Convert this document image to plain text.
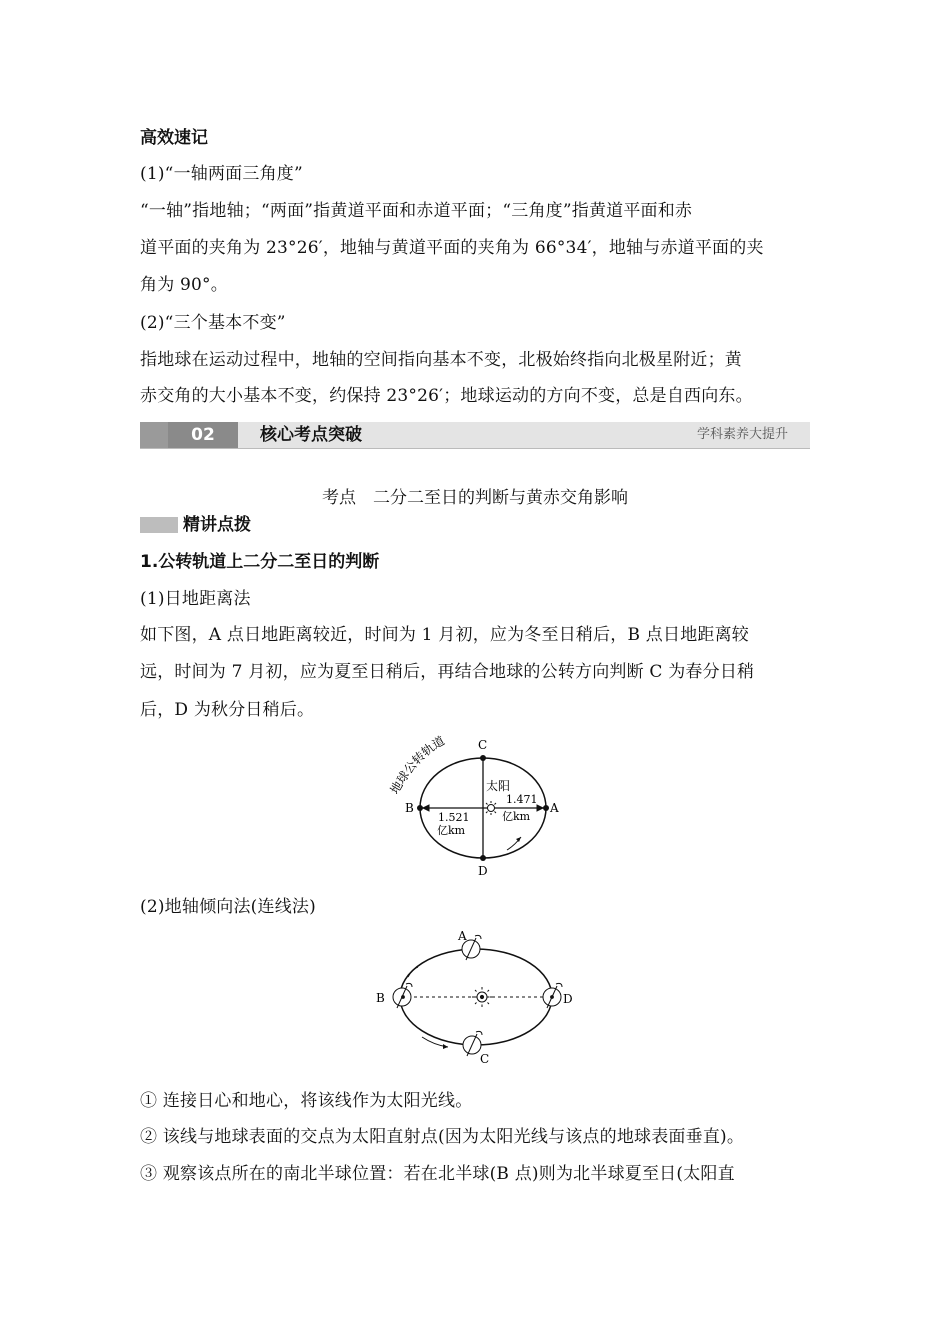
高效速记
(1)“一轴两面三角度”
“一轴”指地轴；“两面”指黄道平面和赤道平面；“三角度”指黄道平面和赤
道平面的夹角为 23°26′，地轴与黄道平面的夹角为 66°34′，地轴与赤道平面的夹
角为 90°。
(2)“三个基本不变”
指地球在运动过程中，地轴的空间指向基本不变，北极始终指向北极星附近；黄
赤交角的大小基本不变，约保持 23°26′；地球运动的方向不变，总是自西向东。
02	核心考点突破	学科素养大提升
考点　二分二至日的判断与黄赤交角影响
精讲点拨
1.公转轨道上二分二至日的判断
(1)日地距离法
如下图，A 点日地距离较近，时间为 1 月初，应为冬至日稍后，B 点日地距离较
远，时间为 7 月初，应为夏至日稍后，再结合地球的公转方向判断 C 为春分日稍
后，D 为秋分日稍后。
C
D
B	A
太阳
1.521
亿km
1.471
亿km
地球公转轨道
(2)地轴倾向法(连线法)
A
B
C
D
① 连接日心和地心，将该线作为太阳光线。
② 该线与地球表面的交点为太阳直射点(因为太阳光线与该点的地球表面垂直)。
③ 观察该点所在的南北半球位置：若在北半球(B 点)则为北半球夏至日(太阳直
